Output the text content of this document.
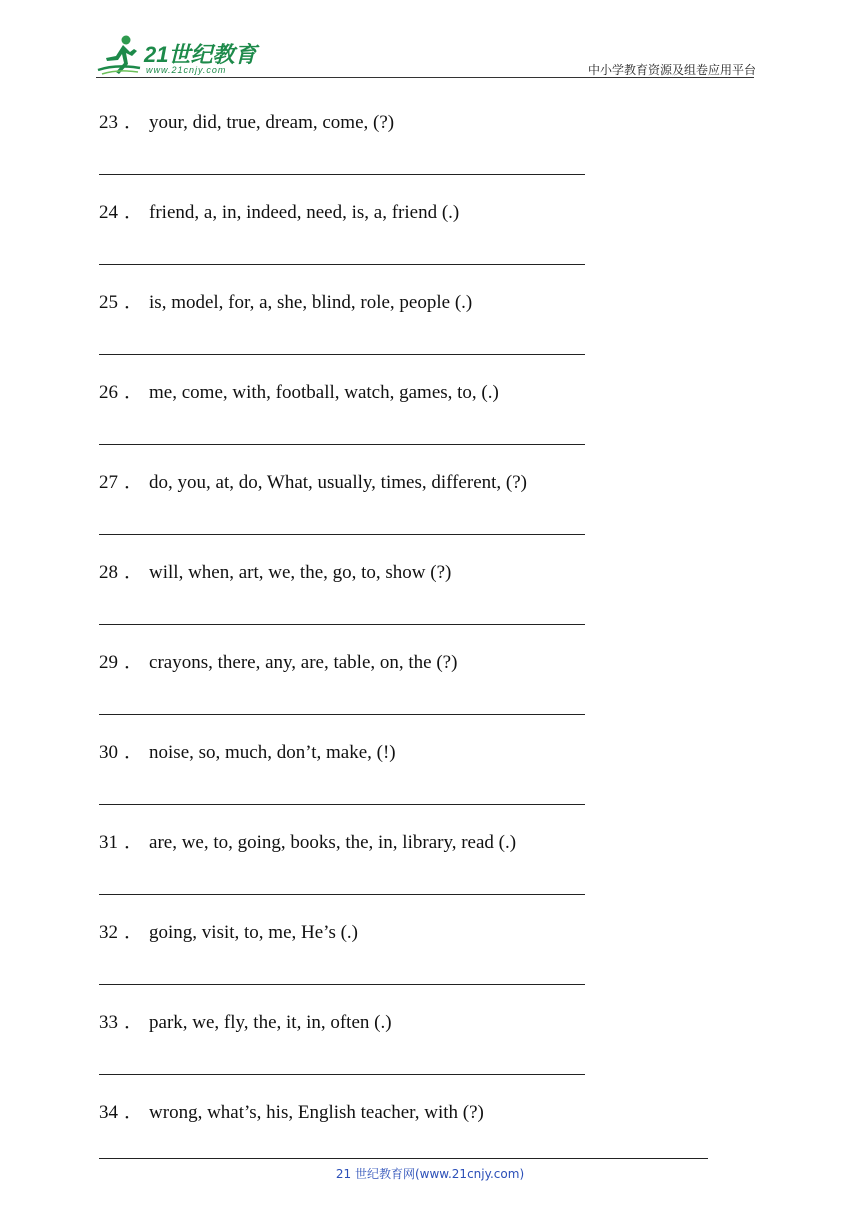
21世纪教育
www.21cnjy.com	中小学教育资源及组卷应用平台
23 ． your, did, true, dream, come, (?)
24 ． friend, a, in, indeed, need, is, a, friend (.)
25 ． is, model, for, a, she, blind, role, people (.)
26 ． me, come, with, football, watch, games, to, (.)
27 ． do, you, at, do, What, usually, times, different, (?)
28 ． will, when, art, we, the, go, to, show (?)
29 ． crayons, there, any, are, table, on, the (?)
30 ． noise, so, much, don’t, make, (!)
31 ． are, we, to, going, books, the, in, library, read (.)
32 ． going, visit, to, me, He’s (.)
33 ． park, we, fly, the, it, in, often (.)
34 ． wrong, what’s, his, English teacher, with (?)
21 世纪教育网(www.21cnjy.com)
